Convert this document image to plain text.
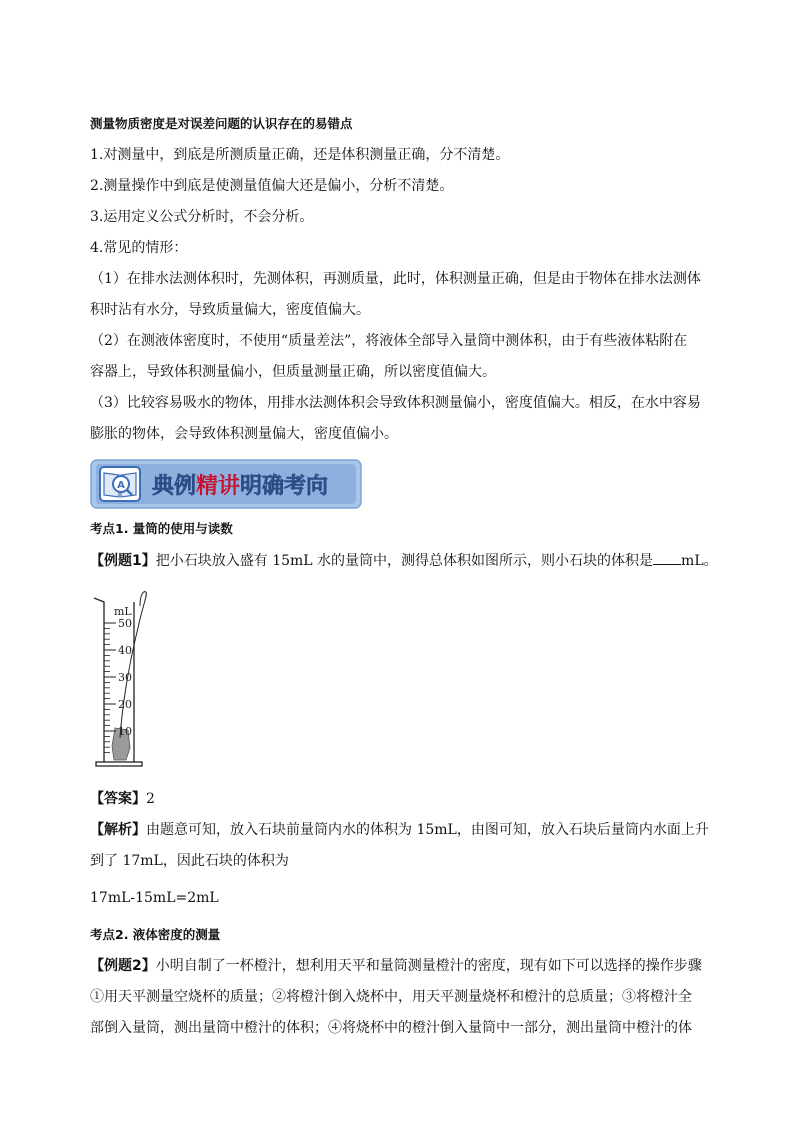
测量物质密度是对误差问题的认识存在的易错点
1.对测量中，到底是所测质量正确，还是体积测量正确，分不清楚。
2.测量操作中到底是使测量值偏大还是偏小，分析不清楚。
3.运用定义公式分析时，不会分析。
4.常见的情形：
（1）在排水法测体积时，先测体积，再测质量，此时，体积测量正确，但是由于物体在排水法测体
积时沾有水分，导致质量偏大，密度值偏大。
（2）在测液体密度时，不使用“质量差法”，将液体全部导入量筒中测体积，由于有些液体粘附在
容器上，导致体积测量偏小，但质量测量正确，所以密度值偏大。
（3）比较容易吸水的物体，用排水法测体积会导致体积测量偏小，密度值偏大。相反，在水中容易
膨胀的物体，会导致体积测量偏大，密度值偏小。
A 典例精讲明确考向
考点1. 量筒的使用与读数
【例题1】把小石块放入盛有 15mL 水的量筒中，测得总体积如图所示，则小石块的体积是 mL。
mL
50
40
30
20
10
【答案】2
【解析】由题意可知，放入石块前量筒内水的体积为 15mL，由图可知，放入石块后量筒内水面上升
到了 17mL，因此石块的体积为
17mL-15mL=2mL
考点2. 液体密度的测量
【例题2】小明自制了一杯橙汁，想利用天平和量筒测量橙汁的密度，现有如下可以选择的操作步骤
①用天平测量空烧杯的质量；②将橙汁倒入烧杯中，用天平测量烧杯和橙汁的总质量；③将橙汁全
部倒入量筒，测出量筒中橙汁的体积；④将烧杯中的橙汁倒入量筒中一部分，测出量筒中橙汁的体
